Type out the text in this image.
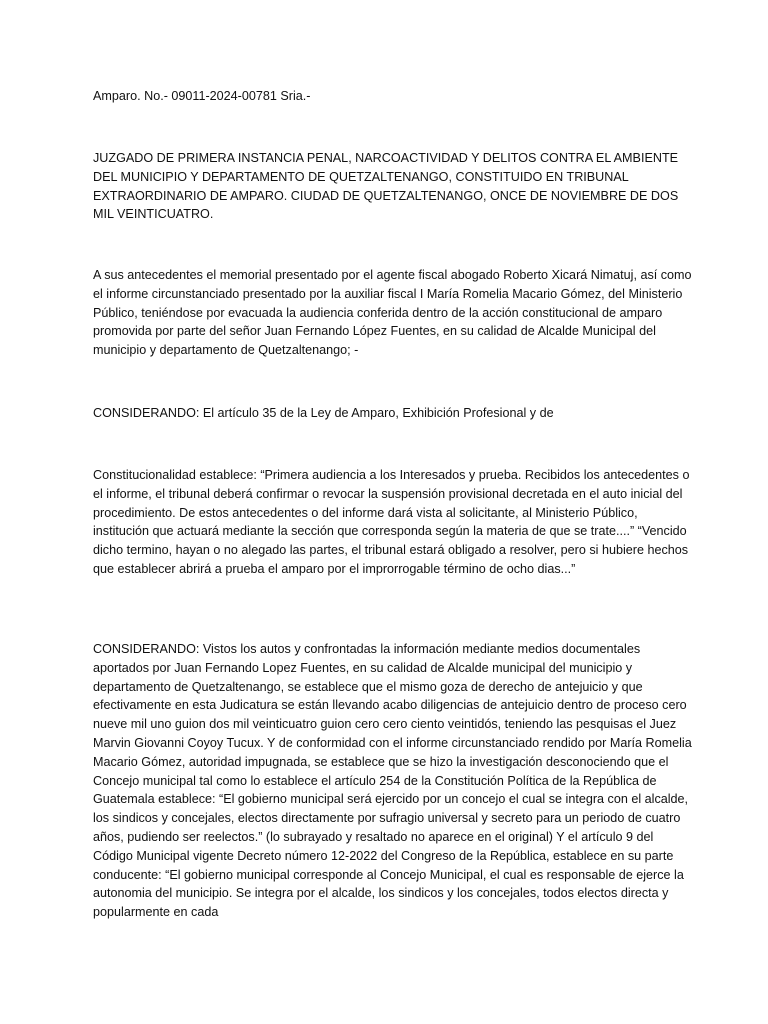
Amparo. No.- 09011-2024-00781 Sria.-

JUZGADO DE PRIMERA INSTANCIA PENAL, NARCOACTIVIDAD Y DELITOS CONTRA EL AMBIENTE DEL MUNICIPIO Y DEPARTAMENTO DE QUETZALTENANGO, CONSTITUIDO EN TRIBUNAL EXTRAORDINARIO DE AMPARO. CIUDAD DE QUETZALTENANGO, ONCE DE NOVIEMBRE DE DOS MIL VEINTICUATRO.

A sus antecedentes el memorial presentado por el agente fiscal abogado Roberto Xicará Nimatuj, así como el informe circunstanciado presentado por la auxiliar fiscal I María Romelia Macario Gómez, del Ministerio Público, teniéndose por evacuada la audiencia conferida dentro de la acción constitucional de amparo promovida por parte del señor Juan Fernando López Fuentes, en su calidad de Alcalde Municipal del municipio y departamento de Quetzaltenango; -

CONSIDERANDO: El artículo 35 de la Ley de Amparo, Exhibición Profesional y de

Constitucionalidad establece: “Primera audiencia a los Interesados y prueba. Recibidos los antecedentes o el informe, el tribunal deberá confirmar o revocar la suspensión provisional decretada en el auto inicial del procedimiento. De estos antecedentes o del informe dará vista al solicitante, al Ministerio Público, institución que actuará mediante la sección que corresponda según la materia de que se trate....” “Vencido dicho termino, hayan o no alegado las partes, el tribunal estará obligado a resolver, pero si hubiere hechos que establecer abrirá a prueba el amparo por el improrrogable término de ocho dias...”

CONSIDERANDO: Vistos los autos y confrontadas la información mediante medios documentales aportados por Juan Fernando Lopez Fuentes, en su calidad de Alcalde municipal del municipio y departamento de Quetzaltenango, se establece que el mismo goza de derecho de antejuicio y que efectivamente en esta Judicatura se están llevando acabo diligencias de antejuicio dentro de proceso cero nueve mil uno guion dos mil veinticuatro guion cero cero ciento veintidós, teniendo las pesquisas el Juez Marvin Giovanni Coyoy Tucux. Y de conformidad con el informe circunstanciado rendido por María Romelia Macario Gómez, autoridad impugnada, se establece que se hizo la investigación desconociendo que el Concejo municipal tal como lo establece el artículo 254 de la Constitución Política de la República de Guatemala establece: “El gobierno municipal será ejercido por un concejo el cual se integra con el alcalde, los sindicos y concejales, electos directamente por sufragio universal y secreto para un periodo de cuatro años, pudiendo ser reelectos.” (lo subrayado y resaltado no aparece en el original) Y el artículo 9 del Código Municipal vigente Decreto número 12-2022 del Congreso de la República, establece en su parte conducente: “El gobierno municipal corresponde al Concejo Municipal, el cual es responsable de ejerce la autonomia del municipio. Se integra por el alcalde, los sindicos y los concejales, todos electos directa y popularmente en cada
